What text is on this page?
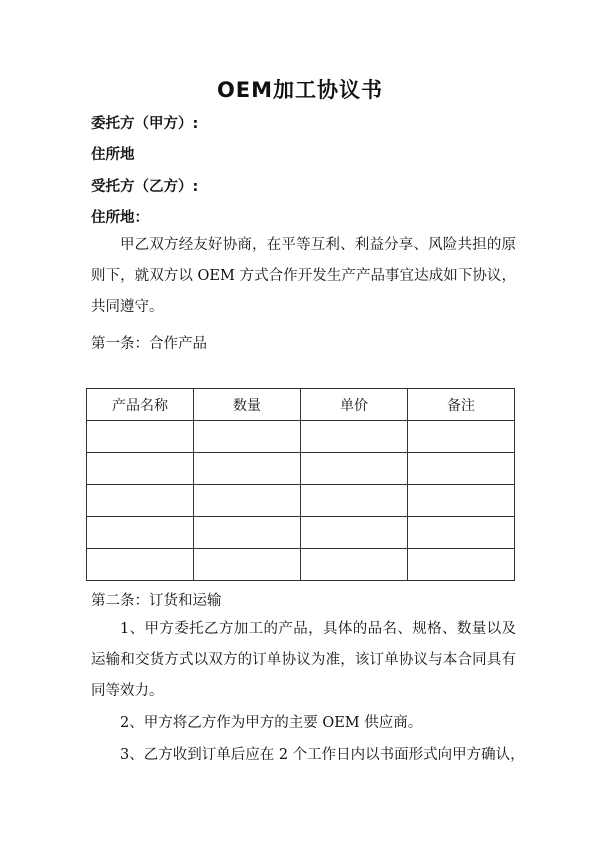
OEM加工协议书
委托方（甲方）:
住所地
受托方（乙方）:
住所地：

甲乙双方经友好协商，在平等互利、利益分享、风险共担的原则下，就双方以 OEM 方式合作开发生产产品事宜达成如下协议，共同遵守。

第一条：合作产品
产品名称	数量	单价	备注

第二条：订货和运输

1、甲方委托乙方加工的产品，具体的品名、规格、数量以及运输和交货方式以双方的订单协议为准，该订单协议与本合同具有同等效力。

2、甲方将乙方作为甲方的主要 OEM 供应商。

3、乙方收到订单后应在 2 个工作日内以书面形式向甲方确认，
